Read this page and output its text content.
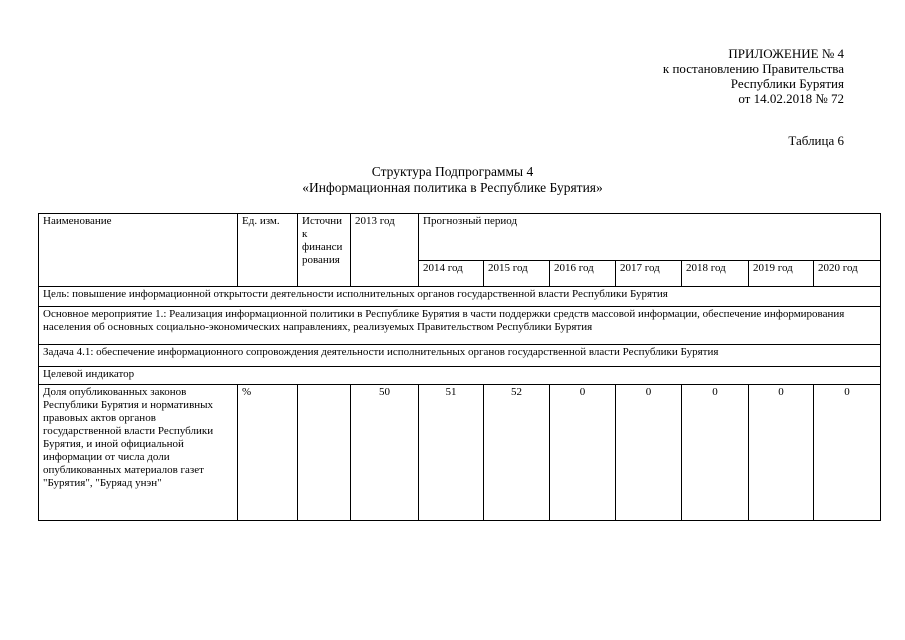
ПРИЛОЖЕНИЕ № 4
к постановлению Правительства
Республики Бурятия
от 14.02.2018 № 72
Таблица 6
Структура Подпрограммы 4
«Информационная политика в Республике Бурятия»
Наименование	Ед. изм.	Источник финансирования	2013 год	Прогнозный период						
				2014 год	2015 год	2016 год	2017 год	2018 год	2019 год	2020 год
Цель: повышение информационной открытости деятельности исполнительных органов государственной власти Республики Бурятия										
Основное мероприятие 1.: Реализация информационной политики в Республике Бурятия в части поддержки средств массовой информации, обеспечение информирования населения об основных социально-экономических направлениях, реализуемых Правительством Республики Бурятия										
Задача 4.1: обеспечение информационного сопровождения деятельности исполнительных органов государственной власти Республики Бурятия										
Целевой индикатор										
Доля опубликованных законов Республики Бурятия и нормативных правовых актов органов государственной власти Республики Бурятия, и иной официальной информации от числа доли опубликованных материалов газет "Бурятия", "Буряад унэн"	%		50	51	52	0	0	0	0	0
